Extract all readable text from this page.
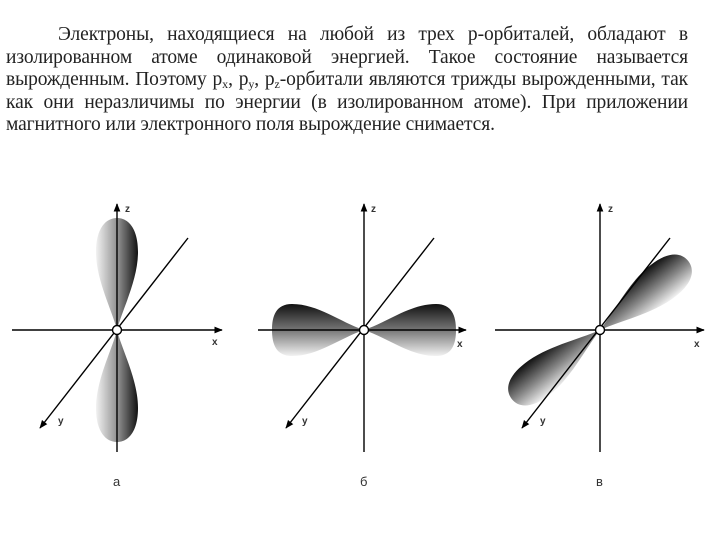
Электроны, находящиеся на любой из трех p-орбиталей, обладают в изолированном атоме одинаковой энергией. Такое состояние называется вырожденным. Поэтому $p_x$, $p_y$, $p_z$-орбитали являются трижды вырожденными, так как они неразличимы по энергии (в изолированном атоме). При приложении магнитного или электронного поля вырождение снимается.

z
x
y
а
z
x
y
б
z
x
y
в
